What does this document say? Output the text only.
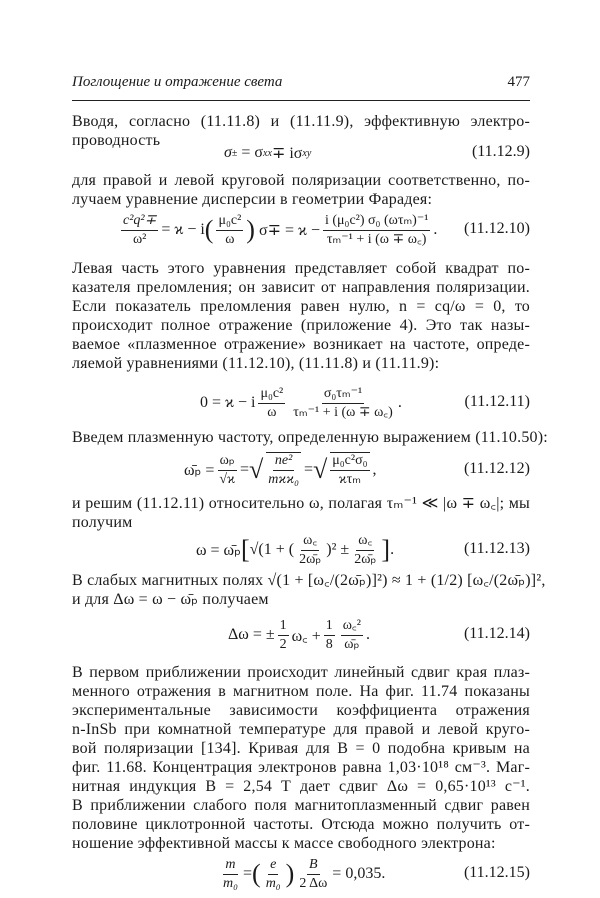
Поглощение и отражение света	477
Вводя, согласно (11.11.8) и (11.11.9), эффективную электро-
проводность
σ ±
= σ xx ∓ iσ xy	(11.12.9)
для правой и левой круговой поляризации соответственно, по-
лучаем уравнение дисперсии в геометрии Фарадея:
$\frac{\text{c²q²∓}}{\text{ω²}} = ϰ - i$ ( $\frac{\text{μ₀c²}}{\omega}$ )
$\sigma\mp = ϰ - \frac{\text{i (μ₀c²) σ₀ (ωτₘ)⁻¹}}{\text{τₘ⁻¹ + i (ω ∓ ω꜀)}}$ . (11.12.10)
Левая часть этого уравнения представляет собой квадрат по-
казателя преломления; он зависит от направления поляризации.
Если показатель преломления равен нулю, n = cq/ω = 0, то
происходит полное отражение (приложение 4). Это так назы-
ваемое «плазменное отражение» возникает на частоте, опреде-
ляемой уравнениями (11.12.10), (11.11.8) и (11.11.9):
0 = ϰ − i $\frac{\text{μ₀c²}}{\omega} \frac{\text{σ₀τₘ⁻¹}}{\text{τₘ⁻¹ + i (ω ∓ ω꜀)}}$ .	(11.12.11)
Введем плазменную частоту, определенную выражением (11.10.50):
ω̄ₚ = $\frac{\text{ωₚ}}{√ϰ}$ = √ $\frac{\text{ne²}}{\text{mϰϰ₀}}$ = √ $\frac{\text{μ₀c²σ₀}}{\text{ϰτₘ}}$ ,	(11.12.12)
и решим (11.12.11) относительно ω, полагая τₘ⁻¹ ≪ |ω ∓ ω꜀|; мы
получим
ω = ω̄ₚ [ √(1 + ( $\frac{\omega꜀}{\text{2ω̄ₚ}} )^2 \pm \frac{\omega꜀}{\text{2ω̄ₚ}}$ ] .	(11.12.13)
В слабых магнитных полях √(1 + [ω꜀/(2ω̄ₚ)]²) ≈ 1 + (1/2) [ω꜀/(2ω̄ₚ)]²,
и для Δω = ω − ω̄ₚ получаем
Δω = ± $\frac{1}{2}$ ω꜀ + $\frac{1}{8} \frac{\text{ω꜀²}}{\text{ω̄ₚ}}$ .	(11.12.14)
В первом приближении происходит линейный сдвиг края плаз-
менного отражения в магнитном поле. На фиг. 11.74 показаны
экспериментальные зависимости коэффициента отражения
n-InSb при комнатной температуре для правой и левой круго-
вой поляризации [134]. Кривая для B = 0 подобна кривым на
фиг. 11.68. Концентрация электронов равна 1,03·10¹⁸ см⁻³. Маг-
нитная индукция B = 2,54 Т дает сдвиг Δω = 0,65·10¹³ с⁻¹.
В приближении слабого поля магнитоплазменный сдвиг равен
половине циклотронной частоты. Отсюда можно получить от-
ношение эффективной массы к массе свободного электрона:
$\frac{m}{\text{m₀}}$ = ( $\frac{e}{\text{m₀}}$ ) $\frac{B}{2 \Delta\omega} = 0,035$.	(11.12.15)
